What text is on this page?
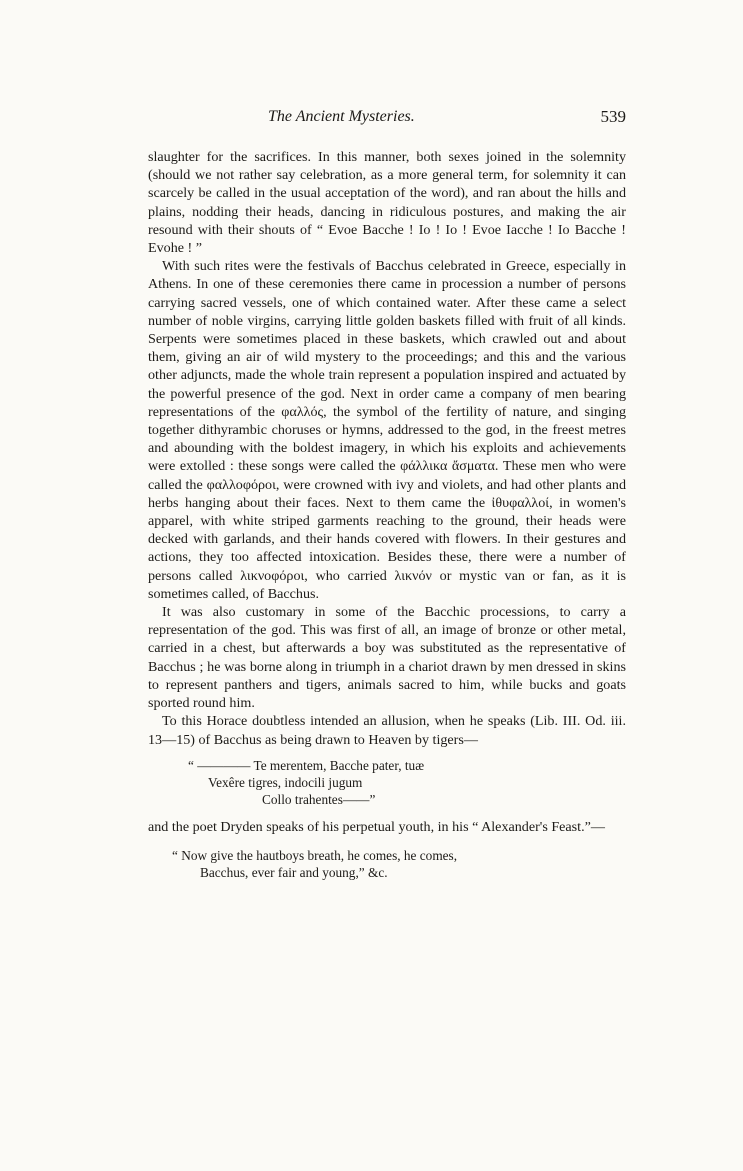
The Ancient Mysteries.	539

slaughter for the sacrifices. In this manner, both sexes joined in the solemnity (should we not rather say celebration, as a more general term, for solemnity it can scarcely be called in the usual acceptation of the word), and ran about the hills and plains, nodding their heads, dancing in ridiculous postures, and making the air resound with their shouts of “ Evoe Bacche ! Io ! Io ! Evoe Iacche ! Io Bacche ! Evohe ! ”

With such rites were the festivals of Bacchus celebrated in Greece, especially in Athens. In one of these ceremonies there came in procession a number of persons carrying sacred vessels, one of which contained water. After these came a select number of noble virgins, carrying little golden baskets filled with fruit of all kinds. Serpents were sometimes placed in these baskets, which crawled out and about them, giving an air of wild mystery to the proceedings; and this and the various other adjuncts, made the whole train represent a population inspired and actuated by the powerful presence of the god. Next in order came a company of men bearing representations of the φαλλός, the symbol of the fertility of nature, and singing together dithyrambic choruses or hymns, addressed to the god, in the freest metres and abounding with the boldest imagery, in which his exploits and achievements were extolled : these songs were called the φάλλικα ἄσματα. These men who were called the φαλλοφόροι, were crowned with ivy and violets, and had other plants and herbs hanging about their faces. Next to them came the ἰθυφαλλοί, in women's apparel, with white striped garments reaching to the ground, their heads were decked with garlands, and their hands covered with flowers. In their gestures and actions, they too affected intoxication. Besides these, there were a number of persons called λικνοφόροι, who carried λικνόν or mystic van or fan, as it is sometimes called, of Bacchus.

It was also customary in some of the Bacchic processions, to carry a representation of the god. This was first of all, an image of bronze or other metal, carried in a chest, but afterwards a boy was substituted as the representative of Bacchus ; he was borne along in triumph in a chariot drawn by men dressed in skins to represent panthers and tigers, animals sacred to him, while bucks and goats sported round him.

To this Horace doubtless intended an allusion, when he speaks (Lib. III. Od. iii. 13—15) of Bacchus as being drawn to Heaven by tigers—

“ ———— Te merentem, Bacche pater, tuæ
Vexêre tigres, indocili jugum
Collo trahentes——”

and the poet Dryden speaks of his perpetual youth, in his “ Alexander's Feast.”—

“ Now give the hautboys breath, he comes, he comes,
Bacchus, ever fair and young,” &c.
